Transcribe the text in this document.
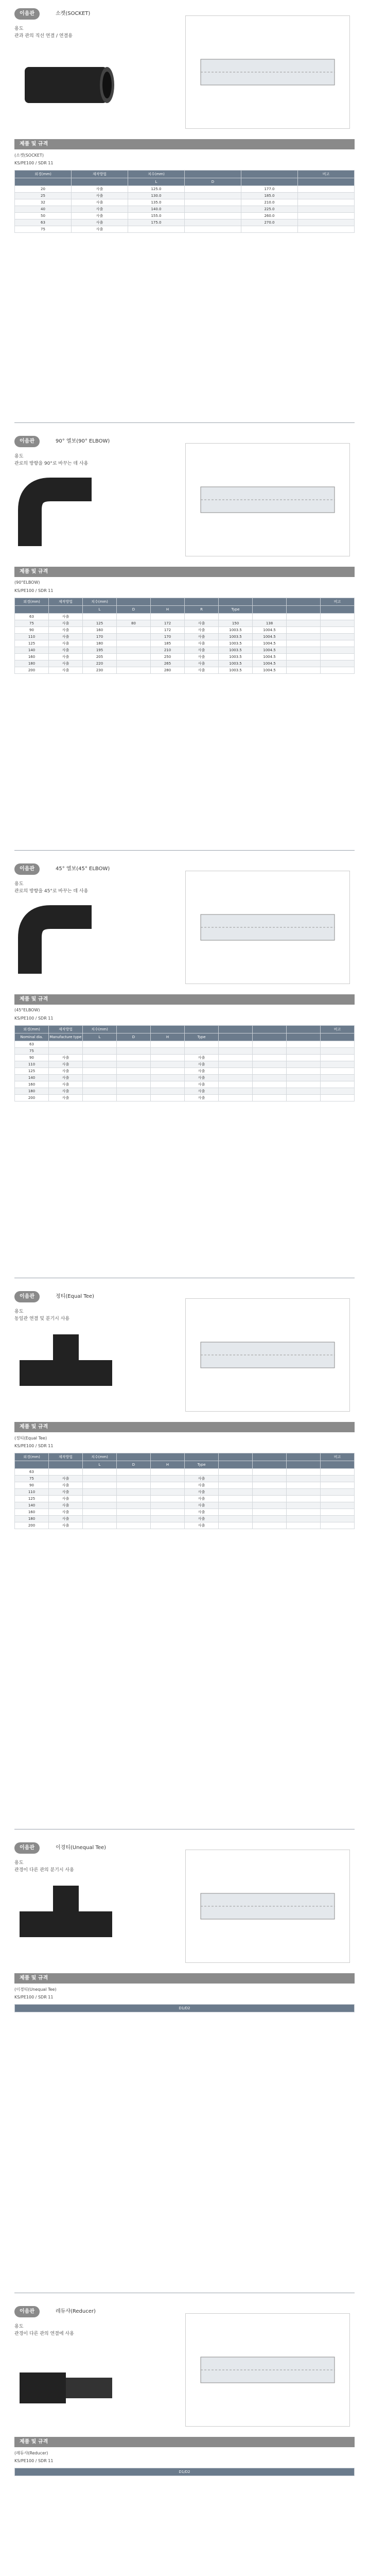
이음관	소켓(SOCKET)
용도
관과 관의 직선 연결 / 연결용
제품 및 규격
(소켓(SOCKET)
KS/PE100 / SDR 11
외경(mm)	제작방법	치수(mm)			비고
		L	D		
20	사출	125.0		177.0	
25	사출	130.0		185.0	
32	사출	135.0		210.0	
40	사출	140.0		225.0	
50	사출	155.0		260.0	
63	사출	175.0		270.0	
75	사출				
이음관	90° 엘보(90° ELBOW)
용도
관로의 방향을 90°로 바꾸는 데 사용
제품 및 규격
(90°ELBOW)
KS/PE100 / SDR 11
외경(mm)	제작방법	치수(mm)							비고
		L	D	H	R	Type			
63	사출								
75	사출	125	80	172	사출	150	138		
90	사출	160		172	사출	1003.5	1004.5		
110	사출	170		170	사출	1003.5	1004.5		
125	사출	180		185	사출	1003.5	1004.5		
140	사출	195		210	사출	1003.5	1004.5		
160	사출	205		250	사출	1003.5	1004.5		
180	사출	220		265	사출	1003.5	1004.5		
200	사출	230		280	사출	1003.5	1004.5		
이음관	45° 엘보(45° ELBOW)
용도
관로의 방향을 45°로 바꾸는 데 사용
제품 및 규격
(45°ELBOW)
KS/PE100 / SDR 11
외경(mm)	제작방법	치수(mm)							비고
Nominal dia.	Manufacture type	L	D	H	Type				
63									
75									
90	사출				사출				
110	사출				사출				
125	사출				사출				
140	사출				사출				
160	사출				사출				
180	사출				사출				
200	사출				사출				
이음관	정티(Equal Tee)
용도
동일관 연결 및 분기시 사용
제품 및 규격
(정티(Equal Tee)
KS/PE100 / SDR 11
외경(mm)	제작방법	치수(mm)							비고
		L	D	H	Type				
63									
75	사출				사출				
90	사출				사출				
110	사출				사출				
125	사출				사출				
140	사출				사출				
160	사출				사출				
180	사출				사출				
200	사출				사출				
이음관	이경티(Unequal Tee)
용도
관경이 다른 관의 분기시 사용
제품 및 규격
(이경티(Unequal Tee)
KS/PE100 / SDR 11
D1/D2
이음관	레듀샤(Reducer)
용도
관경이 다른 관의 연결에 사용
제품 및 규격
(레듀샤(Reducer)
KS/PE100 / SDR 11
D1/D2
